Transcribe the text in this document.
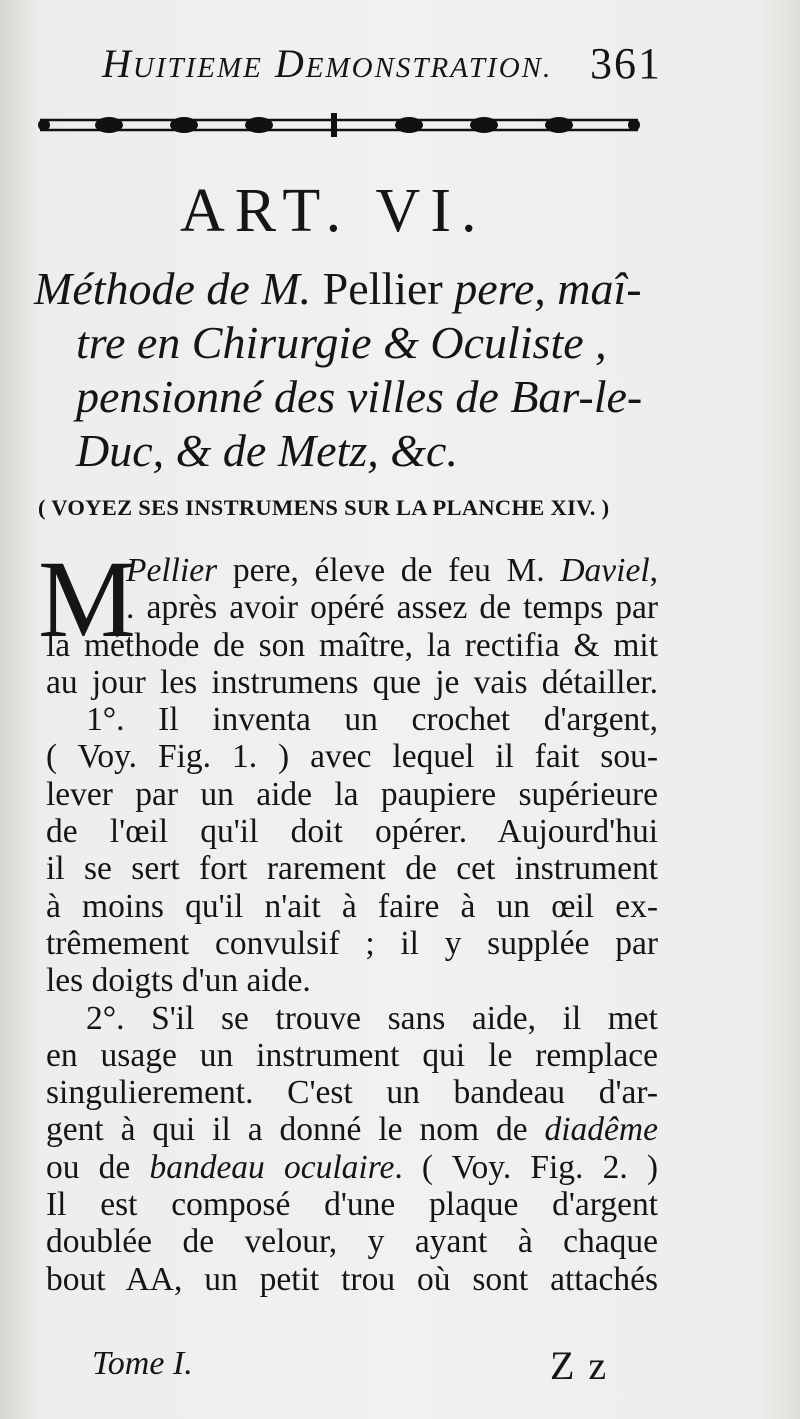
HUITIEME DEMONSTRATION. 361
ART. VI.
Méthode de M. Pellier pere, maî-
tre en Chirurgie & Oculiste ,
pensionné des villes de Bar-le-
Duc, & de Metz, &c.
( VOYEZ SES INSTRUMENS SUR LA PLANCHE XIV. )
M
Pellier pere, éleve de feu M. Daviel,
. après avoir opéré assez de temps par
la méthode de son maître, la rectifia & mit
au jour les instrumens que je vais détailler.
1°. Il inventa un crochet d'argent,
( Voy. Fig. 1. ) avec lequel il fait sou-
lever par un aide la paupiere supérieure
de l'œil qu'il doit opérer. Aujourd'hui
il se sert fort rarement de cet instrument
à moins qu'il n'ait à faire à un œil ex-
trêmement convulsif ; il y supplée par
les doigts d'un aide.
2°. S'il se trouve sans aide, il met
en usage un instrument qui le remplace
singulierement. C'est un bandeau d'ar-
gent à qui il a donné le nom de diadême
ou de bandeau oculaire. ( Voy. Fig. 2. )
Il est composé d'une plaque d'argent
doublée de velour, y ayant à chaque
bout AA, un petit trou où sont attachés
Tome I.	Z z
